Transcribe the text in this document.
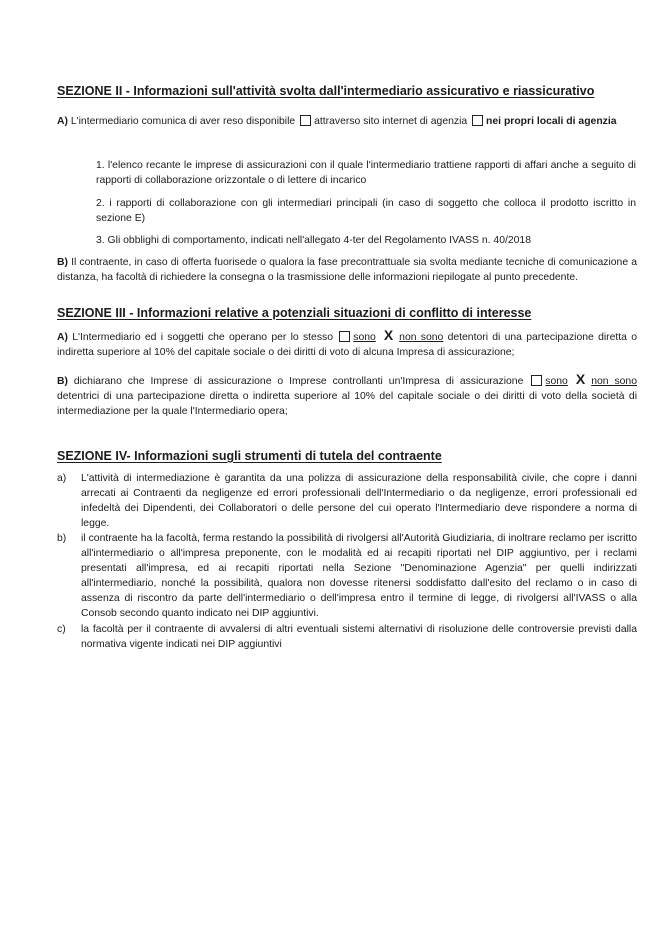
SEZIONE II - Informazioni sull'attività svolta dall'intermediario assicurativo e riassicurativo
A) L'intermediario comunica di aver reso disponibile attraverso sito internet di agenzia nei propri locali di agenzia
1. l'elenco recante le imprese di assicurazioni con il quale l'intermediario trattiene rapporti di affari anche a seguito di rapporti di collaborazione orizzontale o di lettere di incarico
2. i rapporti di collaborazione con gli intermediari principali (in caso di soggetto che colloca il prodotto iscritto in sezione E)
3. Gli obblighi di comportamento, indicati nell'allegato 4-ter del Regolamento IVASS n. 40/2018
B) Il contraente, in caso di offerta fuorisede o qualora la fase precontrattuale sia svolta mediante tecniche di comunicazione a distanza, ha facoltà di richiedere la consegna o la trasmissione delle informazioni riepilogate al punto precedente.
SEZIONE III - Informazioni relative a potenziali situazioni di conflitto di interesse
A) L'Intermediario ed i soggetti che operano per lo stesso sono X non sono detentori di una partecipazione diretta o indiretta superiore al 10% del capitale sociale o dei diritti di voto di alcuna Impresa di assicurazione;
B) dichiarano che Imprese di assicurazione o Imprese controllanti un'Impresa di assicurazione sono X non sono detentrici di una partecipazione diretta o indiretta superiore al 10% del capitale sociale o dei diritti di voto della società di intermediazione per la quale l'Intermediario opera;
SEZIONE IV- Informazioni sugli strumenti di tutela del contraente
a) L'attività di intermediazione è garantita da una polizza di assicurazione della responsabilità civile, che copre i danni arrecati ai Contraenti da negligenze ed errori professionali dell'Intermediario o da negligenze, errori professionali ed infedeltà dei Dipendenti, dei Collaboratori o delle persone del cui operato l'Intermediario deve rispondere a norma di legge.
b) il contraente ha la facoltà, ferma restando la possibilità di rivolgersi all'Autorità Giudiziaria, di inoltrare reclamo per iscritto all'intermediario o all'impresa preponente, con le modalità ed ai recapiti riportati nel DIP aggiuntivo, per i reclami presentati all'impresa, ed ai recapiti riportati nella Sezione "Denominazione Agenzia" per quelli indirizzati all'intermediario, nonché la possibilità, qualora non dovesse ritenersi soddisfatto dall'esito del reclamo o in caso di assenza di riscontro da parte dell'intermediario o dell'impresa entro il termine di legge, di rivolgersi all'IVASS o alla Consob secondo quanto indicato nei DIP aggiuntivi.
c) la facoltà per il contraente di avvalersi di altri eventuali sistemi alternativi di risoluzione delle controversie previsti dalla normativa vigente indicati nei DIP aggiuntivi
